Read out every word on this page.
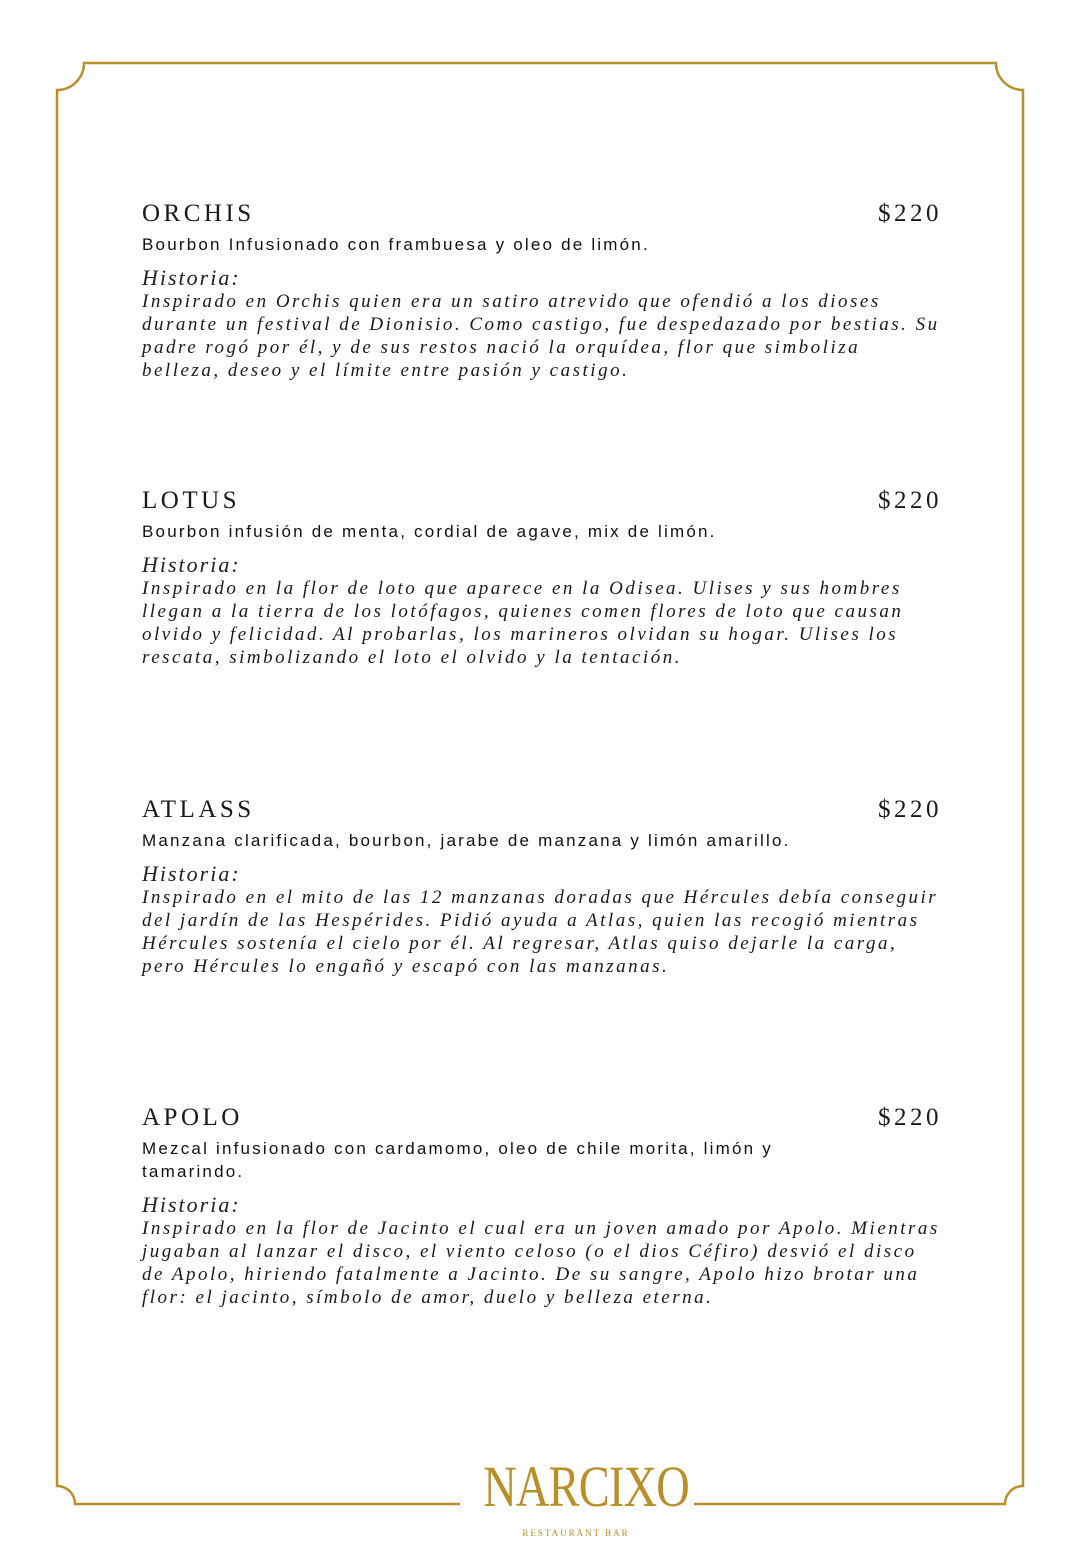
ORCHIS	$220
Bourbon Infusionado con frambuesa y oleo de limón.
Historia:
Inspirado en Orchis quien era un satiro atrevido que ofendió a los dioses durante un festival de Dionisio. Como castigo, fue despedazado por bestias. Su padre rogó por él, y de sus restos nació la orquídea, flor que simboliza belleza, deseo y el límite entre pasión y castigo.
LOTUS	$220
Bourbon infusión de menta, cordial de agave, mix de limón.
Historia:
Inspirado en la flor de loto que aparece en la Odisea. Ulises y sus hombres llegan a la tierra de los lotófagos, quienes comen flores de loto que causan olvido y felicidad. Al probarlas, los marineros olvidan su hogar. Ulises los rescata, simbolizando el loto el olvido y la tentación.
ATLASS	$220
Manzana clarificada, bourbon, jarabe de manzana y limón amarillo.
Historia:
Inspirado en el mito de las 12 manzanas doradas que Hércules debía conseguir del jardín de las Hespérides. Pidió ayuda a Atlas, quien las recogió mientras Hércules sostenía el cielo por él. Al regresar, Atlas quiso dejarle la carga, pero Hércules lo engañó y escapó con las manzanas.
APOLO	$220
Mezcal infusionado con cardamomo, oleo de chile morita, limón y tamarindo.
Historia:
Inspirado en la flor de Jacinto el cual era un joven amado por Apolo. Mientras jugaban al lanzar el disco, el viento celoso (o el dios Céfiro) desvió el disco de Apolo, hiriendo fatalmente a Jacinto. De su sangre, Apolo hizo brotar una flor: el jacinto, símbolo de amor, duelo y belleza eterna.
NARCIXO
RESTAURANT BAR
